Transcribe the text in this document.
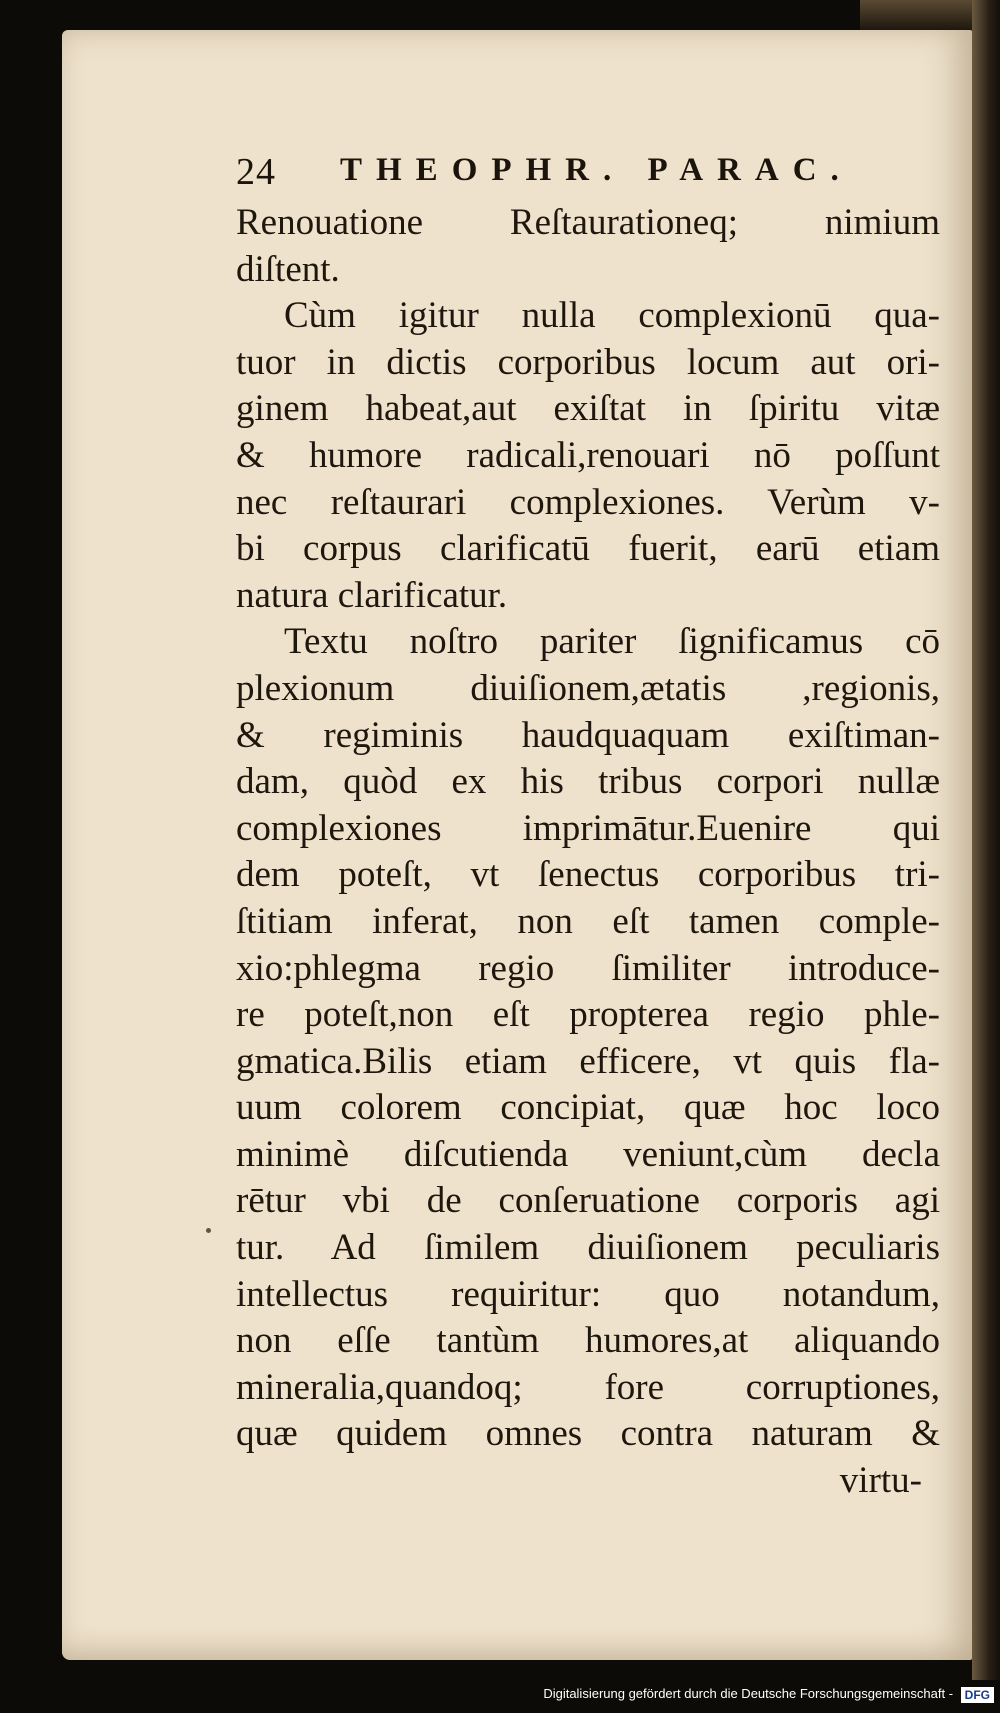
24 THEOPHR. PARAC.
Renouatione Reſtaurationeq; nimium
diſtent.
Cùm igitur nulla complexionū qua-
tuor in dictis corporibus locum aut ori-
ginem habeat,aut exiſtat in ſpiritu vitæ
& humore radicali,renouari nō poſſunt
nec reſtaurari complexiones. Verùm v-
bi corpus clarificatū fuerit, earū etiam
natura clarificatur.
Textu noſtro pariter ſignificamus cō
plexionum diuiſionem,ætatis ,regionis,
& regiminis haudquaquam exiſtiman-
dam, quòd ex his tribus corpori nullæ
complexiones imprimātur.Euenire qui
dem poteſt, vt ſenectus corporibus tri-
ſtitiam inferat, non eſt tamen comple-
xio:phlegma regio ſimiliter introduce-
re poteſt,non eſt propterea regio phle-
gmatica.Bilis etiam efficere, vt quis fla-
uum colorem concipiat, quæ hoc loco
minimè diſcutienda veniunt,cùm decla
rētur vbi de conſeruatione corporis agi
tur. Ad ſimilem diuiſionem peculiaris
intellectus requiritur: quo notandum,
non eſſe tantùm humores,at aliquando
mineralia,quandoq; fore corruptiones,
quæ quidem omnes contra naturam &
virtu-
Digitalisierung gefördert durch die Deutsche Forschungsgemeinschaft - DFG
